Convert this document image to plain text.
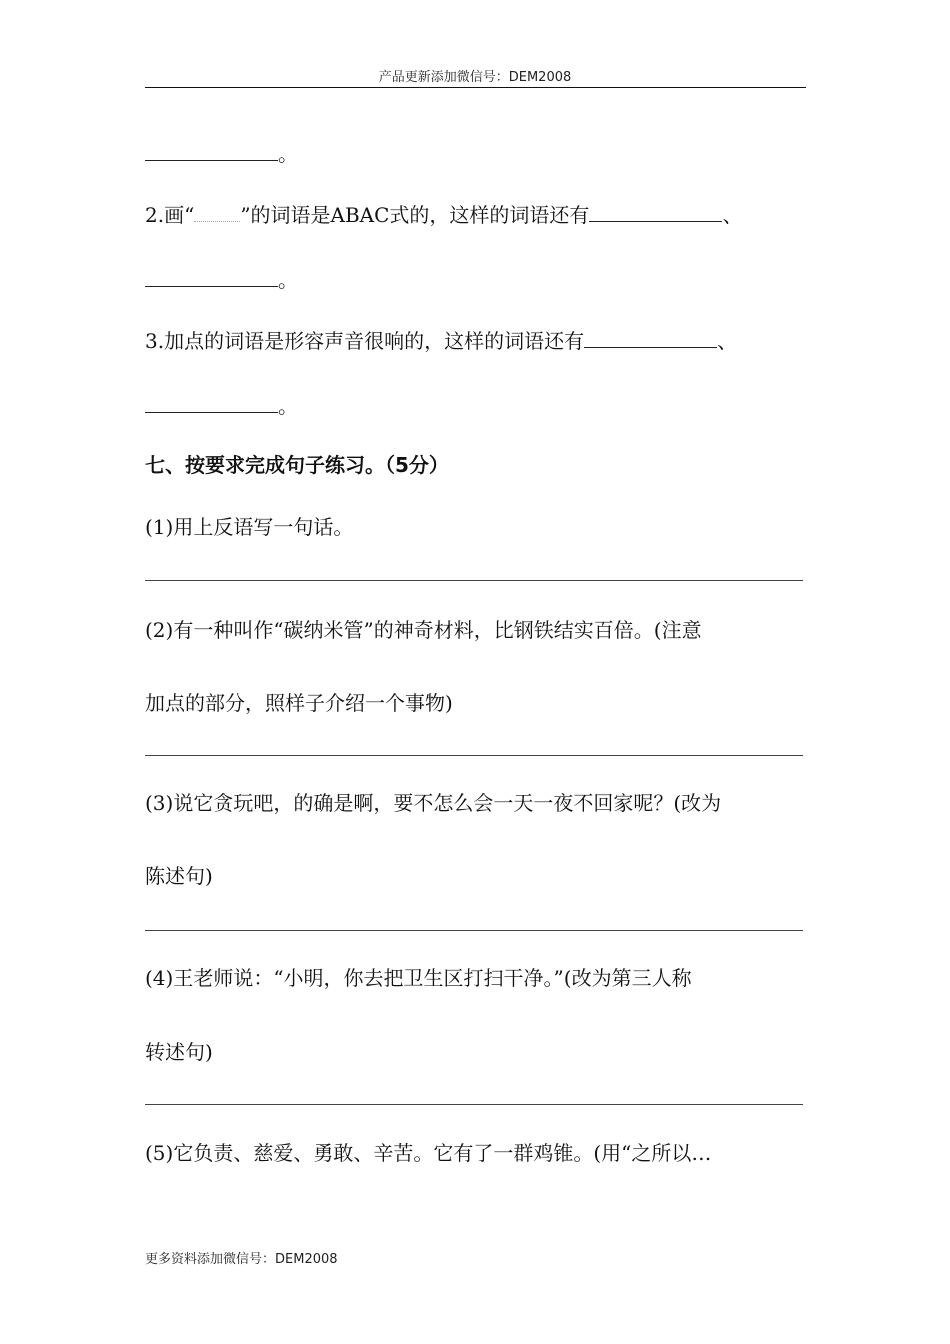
产品更新添加微信号：DEM2008
。
2.画“ ”的词语是ABAC式的，这样的词语还有	、
。
3.加点的词语是形容声音很响的，这样的词语还有	、
。
七、按要求完成句子练习。（5分）
(1)用上反语写一句话。
(2)有一种叫作“碳纳米管”的神奇材料，比钢铁结实百倍。(注意
加点的部分，照样子介绍一个事物)
(3)说它贪玩吧，的确是啊，要不怎么会一天一夜不回家呢？(改为
陈述句)
(4)王老师说：“小明，你去把卫生区打扫干净。”(改为第三人称
转述句)
(5)它负责、慈爱、勇敢、辛苦。它有了一群鸡锥。(用“之所以…
更多资料添加微信号：DEM2008
